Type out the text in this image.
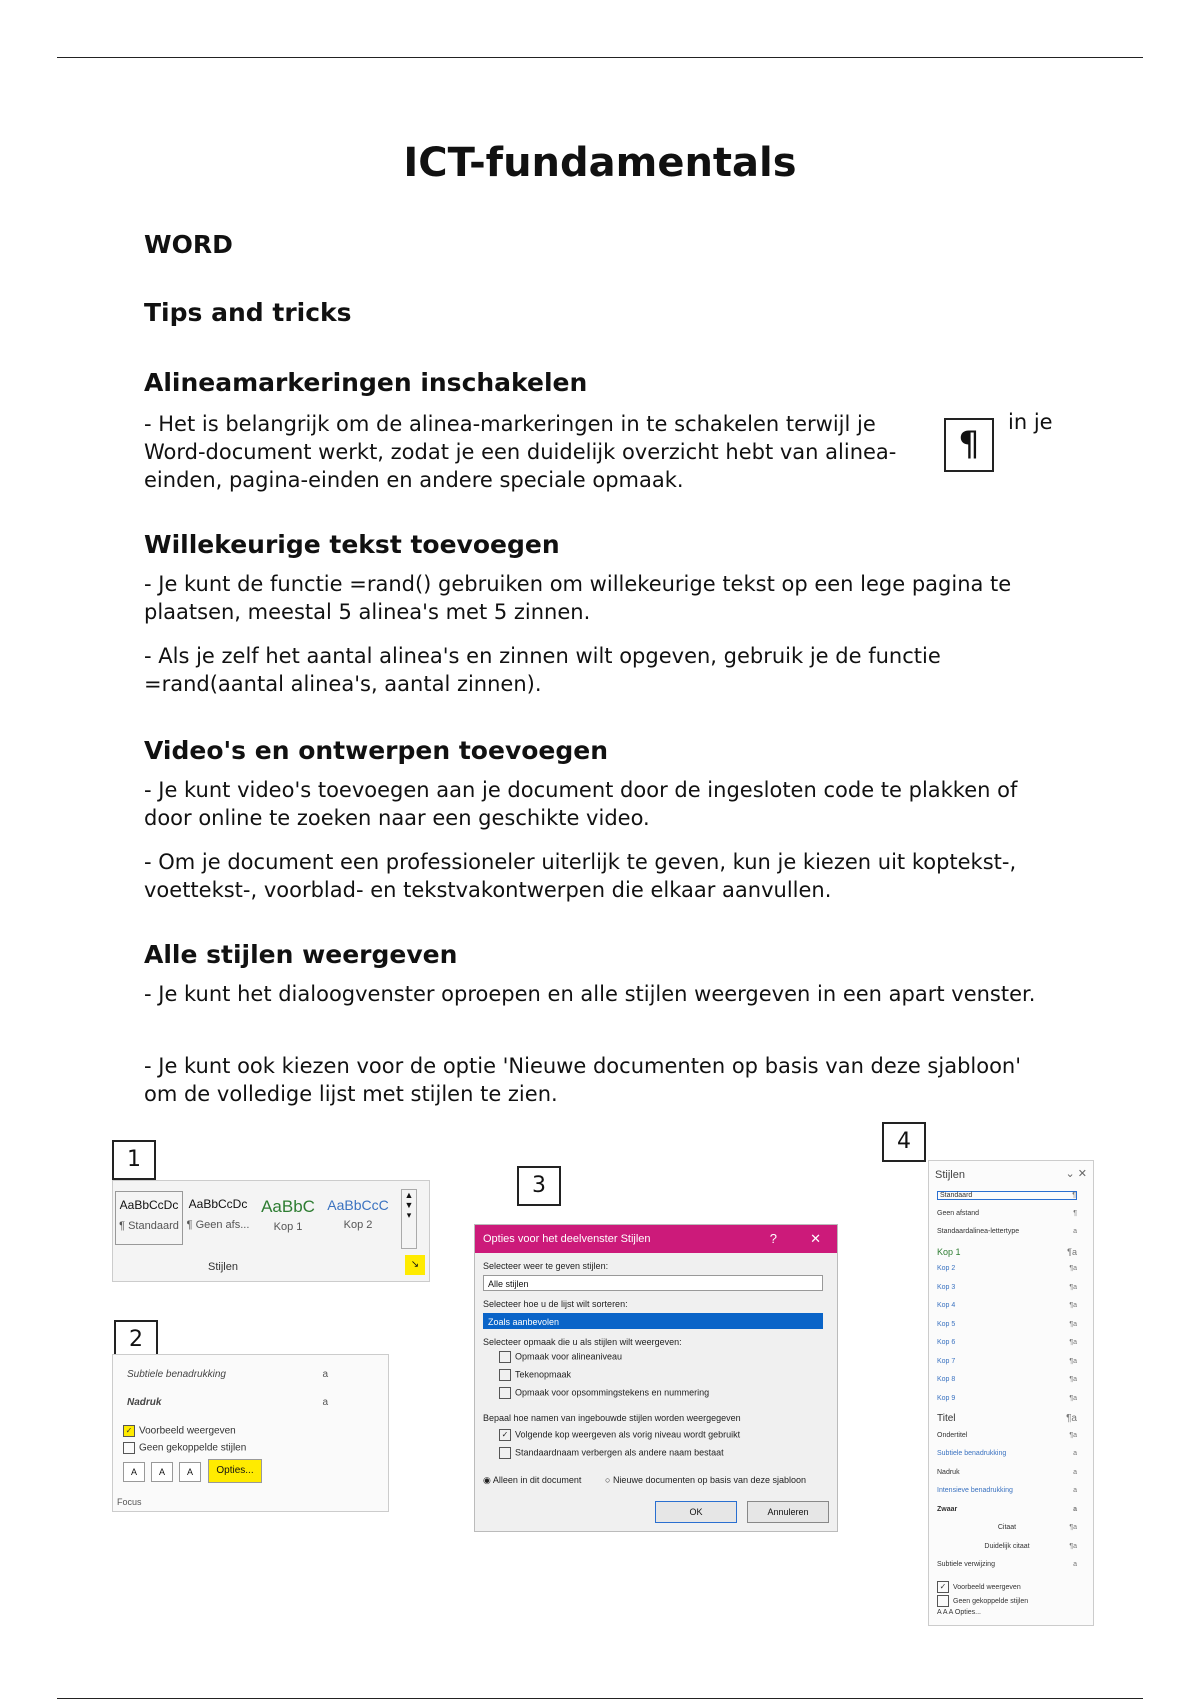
ICT-fundamentals
WORD
Tips and tricks
Alineamarkeringen inschakelen
- Het is belangrijk om de alinea-markeringen in te schakelen terwijl je
Word-document werkt, zodat je een duidelijk overzicht hebt van alinea-einden, pagina-einden en andere speciale opmaak.
¶
in je
Willekeurige tekst toevoegen
- Je kunt de functie =rand() gebruiken om willekeurige tekst op een lege pagina te plaatsen, meestal 5 alinea's met 5 zinnen.
- Als je zelf het aantal alinea's en zinnen wilt opgeven, gebruik je de functie =rand(aantal alinea's, aantal zinnen).
Video's en ontwerpen toevoegen
- Je kunt video's toevoegen aan je document door de ingesloten code te plakken of door online te zoeken naar een geschikte video.
- Om je document een professioneler uiterlijk te geven, kun je kiezen uit koptekst-, voettekst-, voorblad- en tekstvakontwerpen die elkaar aanvullen.
Alle stijlen weergeven
- Je kunt het dialoogvenster oproepen en alle stijlen weergeven in een apart venster.
- Je kunt ook kiezen voor de optie 'Nieuwe documenten op basis van deze sjabloon' om de volledige lijst met stijlen te zien.
1
2
3
4
AaBbCcDc
¶ Standaard
AaBbCcDc
¶ Geen afs...
AaBbC
Kop 1
AaBbCcC
Kop 2
▲
▼
▾
Stijlen	↘
Subtiele benadrukking	a
Nadruk	a
✓ Voorbeeld weergeven
Geen gekoppelde stijlen
A	A	A	Opties...
Focus
Opties voor het deelvenster Stijlen	?	✕
Selecteer weer te geven stijlen:
Alle stijlen
Selecteer hoe u de lijst wilt sorteren:
Zoals aanbevolen
Selecteer opmaak die u als stijlen wilt weergeven:
Opmaak voor alineaniveau
Tekenopmaak
Opmaak voor opsommingstekens en nummering
Bepaal hoe namen van ingebouwde stijlen worden weergegeven
✓ Volgende kop weergeven als vorig niveau wordt gebruikt
Standaardnaam verbergen als andere naam bestaat
◉ Alleen in dit document	○ Nieuwe documenten op basis van deze sjabloon
OK	Annuleren
Stijlen	⌄ ✕
Standaard	¶
Geen afstand	¶
Standaardalinea-lettertype	a
Kop 1	¶a
Kop 2	¶a
Kop 3	¶a
Kop 4	¶a
Kop 5	¶a
Kop 6	¶a
Kop 7	¶a
Kop 8	¶a
Kop 9	¶a
Titel	¶a
Ondertitel	¶a
Subtiele benadrukking	a
Nadruk	a
Intensieve benadrukking	a
Zwaar	a
Citaat	¶a
Duidelijk citaat	¶a
Subtiele verwijzing	a
✓ Voorbeeld weergeven
Geen gekoppelde stijlen
A A A Opties...
